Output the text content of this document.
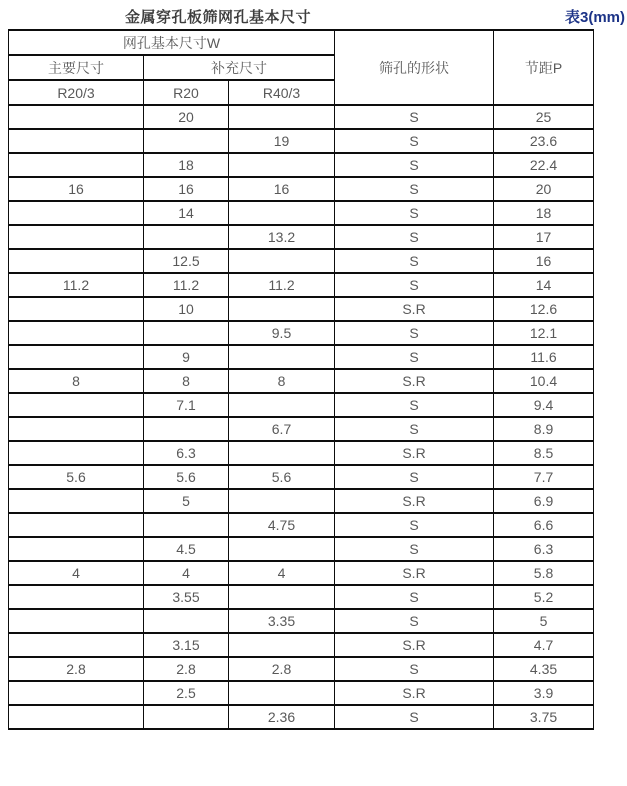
金属穿孔板筛网孔基本尺寸	表3(mm)
网孔基本尺寸W			筛孔的形状	节距P
主要尺寸	补充尺寸			
R20/3	R20	R40/3		
	20		S	25
		19	S	23.6
	18		S	22.4
16	16	16	S	20
	14		S	18
		13.2	S	17
	12.5		S	16
11.2	11.2	11.2	S	14
	10		S.R	12.6
		9.5	S	12.1
	9		S	11.6
8	8	8	S.R	10.4
	7.1		S	9.4
		6.7	S	8.9
	6.3		S.R	8.5
5.6	5.6	5.6	S	7.7
	5		S.R	6.9
		4.75	S	6.6
	4.5		S	6.3
4	4	4	S.R	5.8
	3.55		S	5.2
		3.35	S	5
	3.15		S.R	4.7
2.8	2.8	2.8	S	4.35
	2.5		S.R	3.9
		2.36	S	3.75
